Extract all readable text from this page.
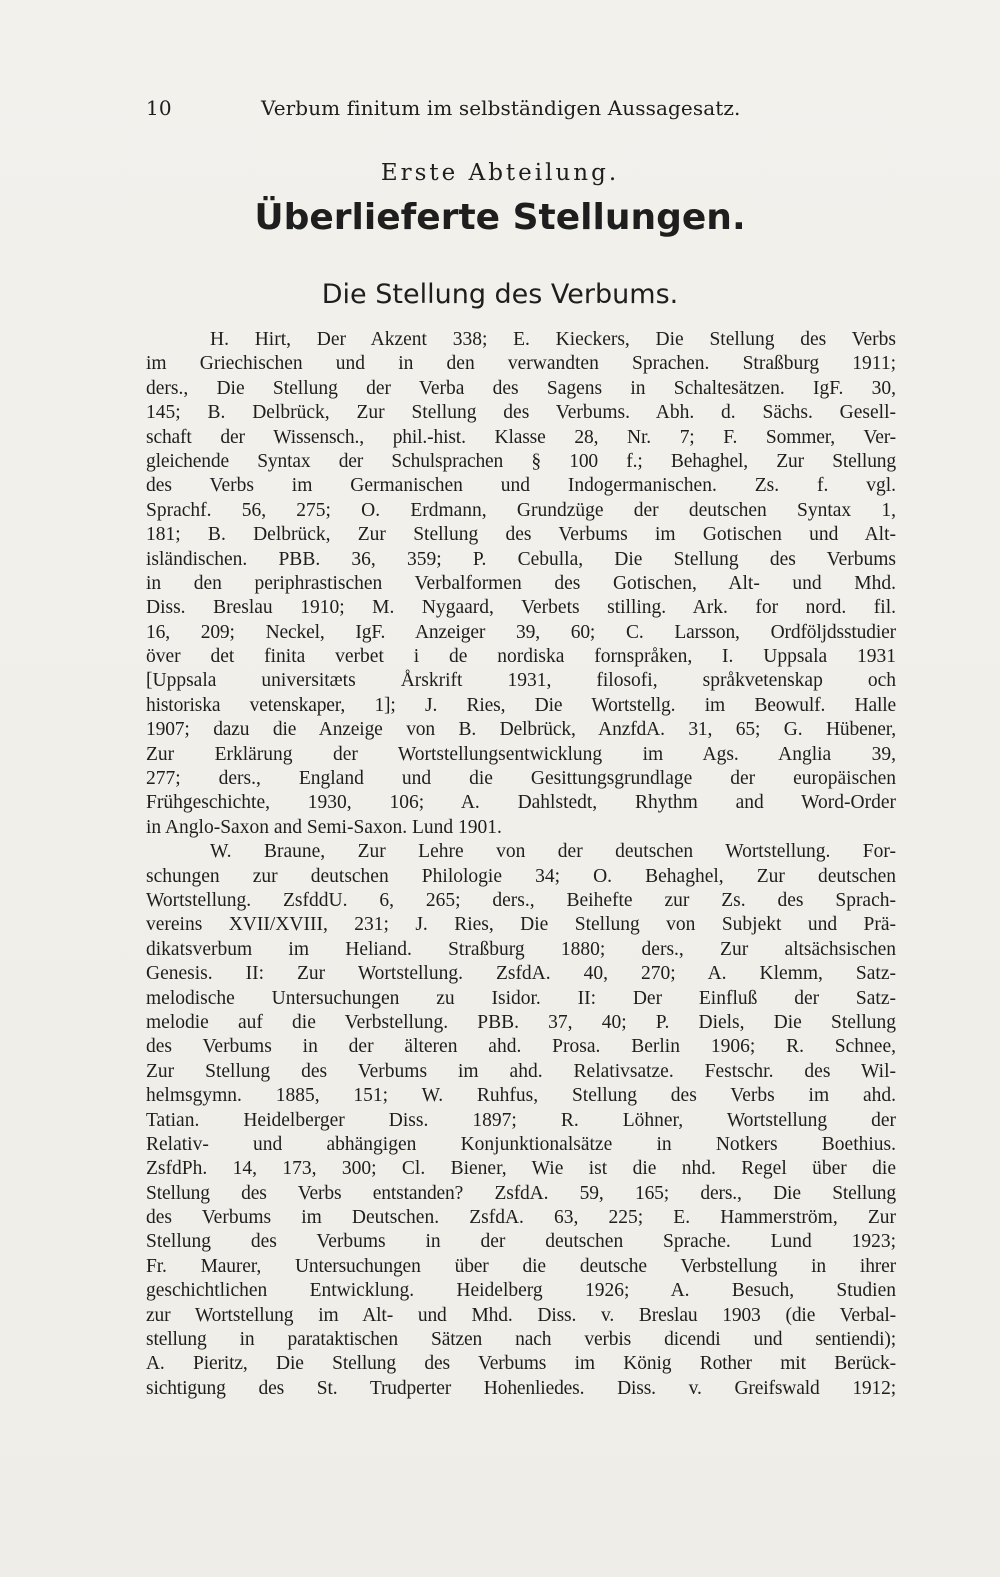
10	Verbum finitum im selbständigen Aussagesatz.
Erste Abteilung.
Überlieferte Stellungen.
Die Stellung des Verbums.
H. Hirt, Der Akzent 338; E. Kieckers, Die Stellung des Verbs
im Griechischen und in den verwandten Sprachen. Straßburg 1911;
ders., Die Stellung der Verba des Sagens in Schaltesätzen. IgF. 30,
145; B. Delbrück, Zur Stellung des Verbums. Abh. d. Sächs. Gesell-
schaft der Wissensch., phil.-hist. Klasse 28, Nr. 7; F. Sommer, Ver-
gleichende Syntax der Schulsprachen § 100 f.; Behaghel, Zur Stellung
des Verbs im Germanischen und Indogermanischen. Zs. f. vgl.
Sprachf. 56, 275; O. Erdmann, Grundzüge der deutschen Syntax 1,
181; B. Delbrück, Zur Stellung des Verbums im Gotischen und Alt-
isländischen. PBB. 36, 359; P. Cebulla, Die Stellung des Verbums
in den periphrastischen Verbalformen des Gotischen, Alt- und Mhd.
Diss. Breslau 1910; M. Nygaard, Verbets stilling. Ark. for nord. fil.
16, 209; Neckel, IgF. Anzeiger 39, 60; C. Larsson, Ordföljdsstudier
över det finita verbet i de nordiska fornspråken, I. Uppsala 1931
[Uppsala universitæts Årskrift 1931, filosofi, språkvetenskap och
historiska vetenskaper, 1]; J. Ries, Die Wortstellg. im Beowulf. Halle
1907; dazu die Anzeige von B. Delbrück, AnzfdA. 31, 65; G. Hübener,
Zur Erklärung der Wortstellungsentwicklung im Ags. Anglia 39,
277; ders., England und die Gesittungsgrundlage der europäischen
Frühgeschichte, 1930, 106; A. Dahlstedt, Rhythm and Word-Order
in Anglo-Saxon and Semi-Saxon. Lund 1901.
W. Braune, Zur Lehre von der deutschen Wortstellung. For-
schungen zur deutschen Philologie 34; O. Behaghel, Zur deutschen
Wortstellung. ZsfddU. 6, 265; ders., Beihefte zur Zs. des Sprach-
vereins XVII/XVIII, 231; J. Ries, Die Stellung von Subjekt und Prä-
dikatsverbum im Heliand. Straßburg 1880; ders., Zur altsächsischen
Genesis. II: Zur Wortstellung. ZsfdA. 40, 270; A. Klemm, Satz-
melodische Untersuchungen zu Isidor. II: Der Einfluß der Satz-
melodie auf die Verbstellung. PBB. 37, 40; P. Diels, Die Stellung
des Verbums in der älteren ahd. Prosa. Berlin 1906; R. Schnee,
Zur Stellung des Verbums im ahd. Relativsatze. Festschr. des Wil-
helmsgymn. 1885, 151; W. Ruhfus, Stellung des Verbs im ahd.
Tatian. Heidelberger Diss. 1897; R. Löhner, Wortstellung der
Relativ- und abhängigen Konjunktionalsätze in Notkers Boethius.
ZsfdPh. 14, 173, 300; Cl. Biener, Wie ist die nhd. Regel über die
Stellung des Verbs entstanden? ZsfdA. 59, 165; ders., Die Stellung
des Verbums im Deutschen. ZsfdA. 63, 225; E. Hammerström, Zur
Stellung des Verbums in der deutschen Sprache. Lund 1923;
Fr. Maurer, Untersuchungen über die deutsche Verbstellung in ihrer
geschichtlichen Entwicklung. Heidelberg 1926; A. Besuch, Studien
zur Wortstellung im Alt- und Mhd. Diss. v. Breslau 1903 (die Verbal-
stellung in parataktischen Sätzen nach verbis dicendi und sentiendi);
A. Pieritz, Die Stellung des Verbums im König Rother mit Berück-
sichtigung des St. Trudperter Hohenliedes. Diss. v. Greifswald 1912;
